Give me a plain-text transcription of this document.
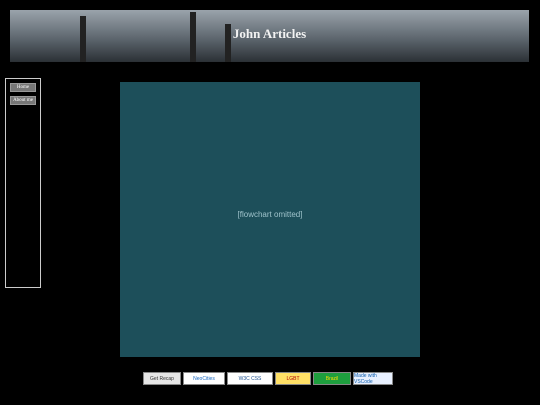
John Articles
Home
About me
[flowchart omitted]
Get Recap	NeoCities	W3C CSS	LGBT	Brazil	Made with VSCode
